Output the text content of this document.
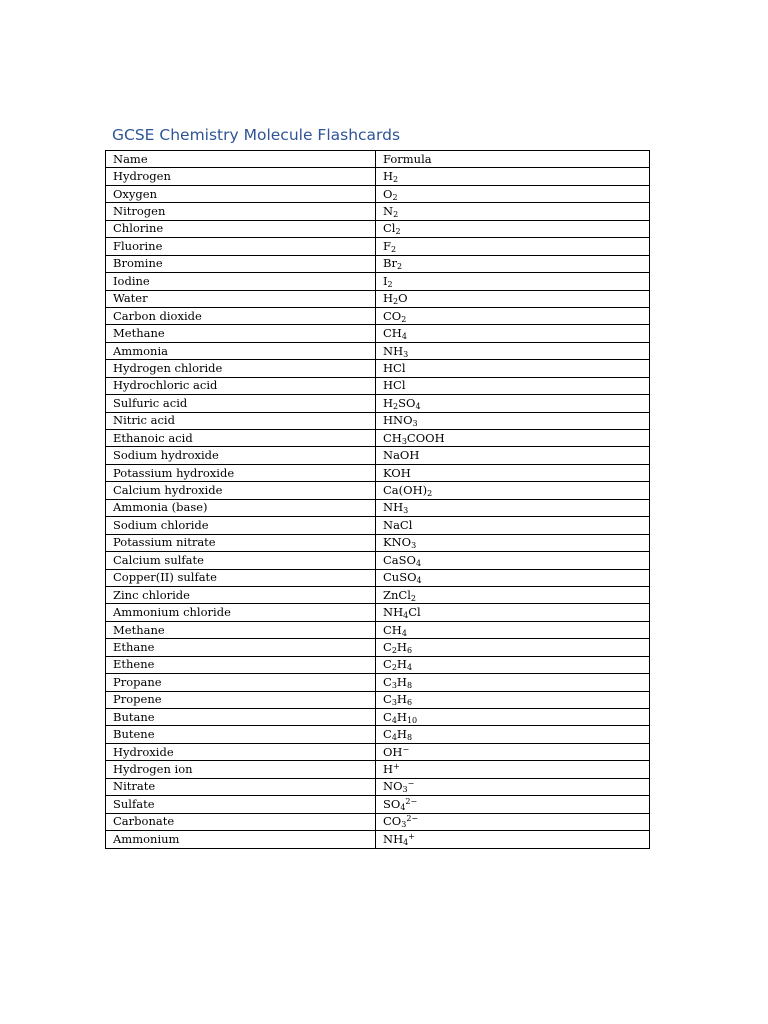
GCSE Chemistry Molecule Flashcards
Name	Formula
Hydrogen	$H_2$
Oxygen	$O_2$
Nitrogen	$N_2$
Chlorine	$Cl_2$
Fluorine	$F_2$
Bromine	$Br_2$
Iodine	$I_2$
Water	$H_2O$
Carbon dioxide	$CO_2$
Methane	$CH_4$
Ammonia	$NH_3$
Hydrogen chloride	HCl
Hydrochloric acid	HCl
Sulfuric acid	$H_2SO_4$
Nitric acid	$HNO_3$
Ethanoic acid	$CH_3COOH$
Sodium hydroxide	NaOH
Potassium hydroxide	KOH
Calcium hydroxide	$Ca(OH)_2$
Ammonia (base)	$NH_3$
Sodium chloride	NaCl
Potassium nitrate	$KNO_3$
Calcium sulfate	CaSO$_4$
Copper(II) sulfate	CuSO$_4$
Zinc chloride	ZnCl$_2$
Ammonium chloride	$NH_4Cl$
Methane	$CH_4$
Ethane	$C_2H_6$
Ethene	$C_2H_4$
Propane	$C_3H_8$
Propene	$C_3H_6$
Butane	$C_4H_{10}$
Butene	$C_4H_8$
Hydroxide	OH−
Hydrogen ion	H+
Nitrate	$NO_3^-$
Sulfate	$SO_4^{2-}$
Carbonate	$CO_3^{2-}$
Ammonium	$NH_4^+$
